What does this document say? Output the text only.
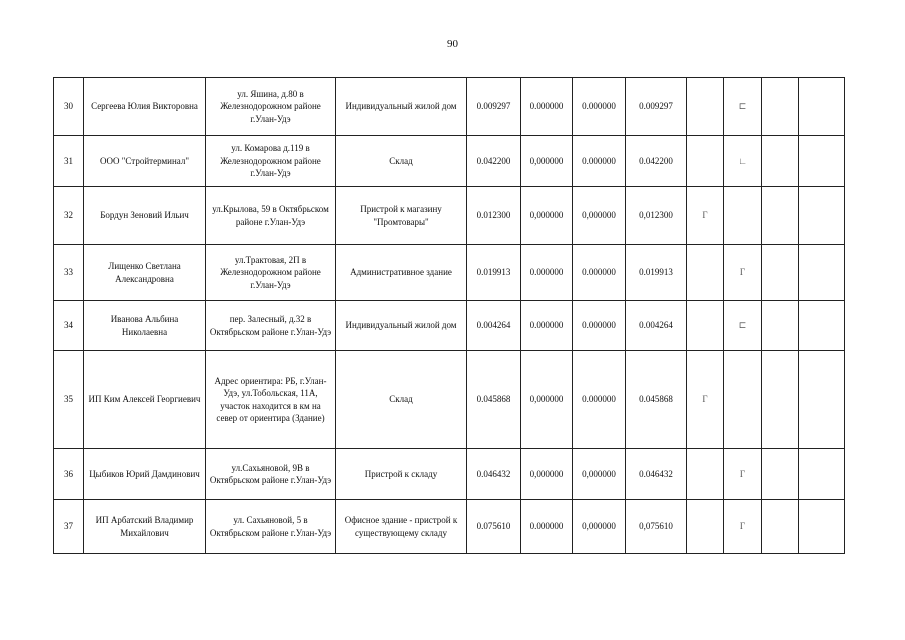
90
30	Сергеева Юлия Викторовна	ул. Яшина, д.80 в Железнодорожном районе г.Улан-Удэ	Индивидуальный жилой дом	0.009297	0.000000	0.000000	0.009297		⊏		
31	ООО "Стройтерминал"	ул. Комарова д.119 в Железнодорожном районе г.Улан-Удэ	Склад	0.042200	0,000000	0.000000	0.042200		∟		
32	Бордун Зеновий Ильич	ул.Крылова, 59 в Октябрьском районе г.Улан-Удэ	Пристрой к магазину "Промтовары"	0.012300	0,000000	0,000000	0,012300	Γ			
33	Лищенко Светлана Александровна	ул.Трактовая, 2П в Железнодорожном районе г.Улан-Удэ	Административное здание	0.019913	0.000000	0.000000	0.019913		Γ		
34	Иванова Альбина Николаевна	пер. Залесный, д.32 в Октябрьском районе г.Улан-Удэ	Индивидуальный жилой дом	0.004264	0.000000	0.000000	0.004264		⊏		
35	ИП Ким Алексей Георгиевич	Адрес ориентира: РБ, г.Улан-Удэ, ул.Тобольская, 11А, участок находится в км на север от ориентира (Здание)	Склад	0.045868	0,000000	0.000000	0.045868	Γ			
36	Цыбиков Юрий Дамдинович	ул.Сахьяновой, 9В в Октябрьском районе г.Улан-Удэ	Пристрой к складу	0.046432	0,000000	0,000000	0.046432		Γ		
37	ИП Арбатский Владимир Михайлович	ул. Сахьяновой, 5 в Октябрьском районе г.Улан-Удэ	Офисное здание - пристрой к существующему складу	0.075610	0.000000	0,000000	0,075610		Γ		
